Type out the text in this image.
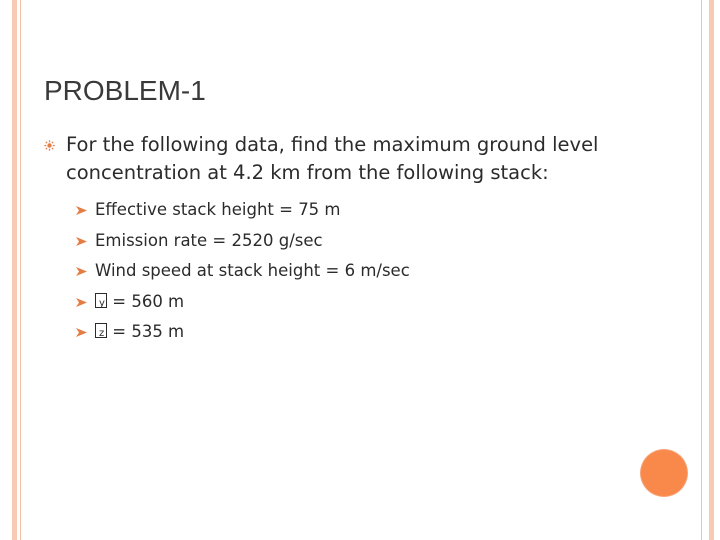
PROBLEM-1
For the following data, find the maximum ground level concentration at 4.2 km from the following stack:
Effective stack height = 75 m
Emission rate = 2520 g/sec
Wind speed at stack height = 6 m/sec
y = 560 m
z = 535 m
